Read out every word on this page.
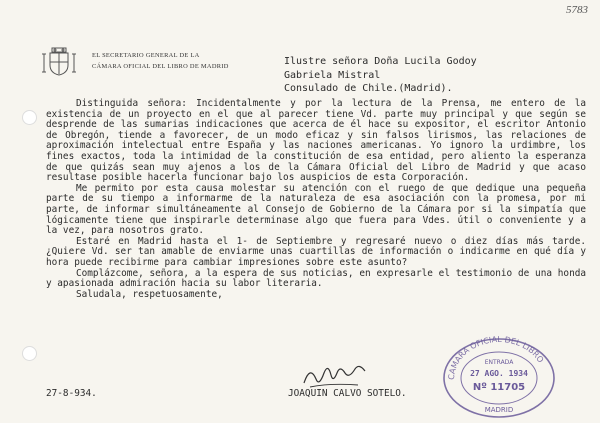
5783
EL SECRETARIO GENERAL DE LA
CÁMARA OFICIAL DEL LIBRO DE MADRID	Ilustre señora Doña Lucila Godoy
Gabriela Mistral
Consulado de Chile.(Madrid).

Distinguida señora: Incidentalmente y por la lectura de la Prensa, me entero de la existencia de un proyecto en el que al parecer tiene Vd. parte muy principal y que según se desprende de las sumarias indicaciones que acerca de él hace su expositor, el escritor Antonio de Obregón, tiende a favorecer, de un modo eficaz y sin falsos lirismos, las relaciones de aproximación intelectual entre España y las naciones americanas. Yo ignoro la urdimbre, los fines exactos, toda la intimidad de la constitución de esa entidad, pero aliento la esperanza de que quizás sean muy ajenos a los de la Cámara Oficial del Libro de Madrid y que acaso resultase posible hacerla funcionar bajo los auspicios de esta Corporación.

Me permito por esta causa molestar su atención con el ruego de que dedique una pequeña parte de su tiempo a informarme de la naturaleza de esa asociación con la promesa, por mi parte, de informar simultáneamente al Consejo de Gobierno de la Cámara por si la simpatía que lógicamente tiene que inspirarle determinase algo que fuera para Vdes. útil o conveniente y a la vez, para nosotros grato.

Estaré en Madrid hasta el 1- de Septiembre y regresaré nuevo o diez días más tarde. ¿Quiere Vd. ser tan amable de enviarme unas cuartillas de información o indicarme en qué día y hora puede recibirme para cambiar impresiones sobre este asunto?

Complázcome, señora, a la espera de sus noticias, en expresarle el testimonio de una honda y apasionada admiración hacia su labor literaria.

Saludala, respetuosamente,

27-8-934.	JOAQUIN CALVO SOTELO.
CAMARA OFICIAL DEL LIBRO
ENTRADA
27 AGO. 1934
Nº 11705
MADRID
